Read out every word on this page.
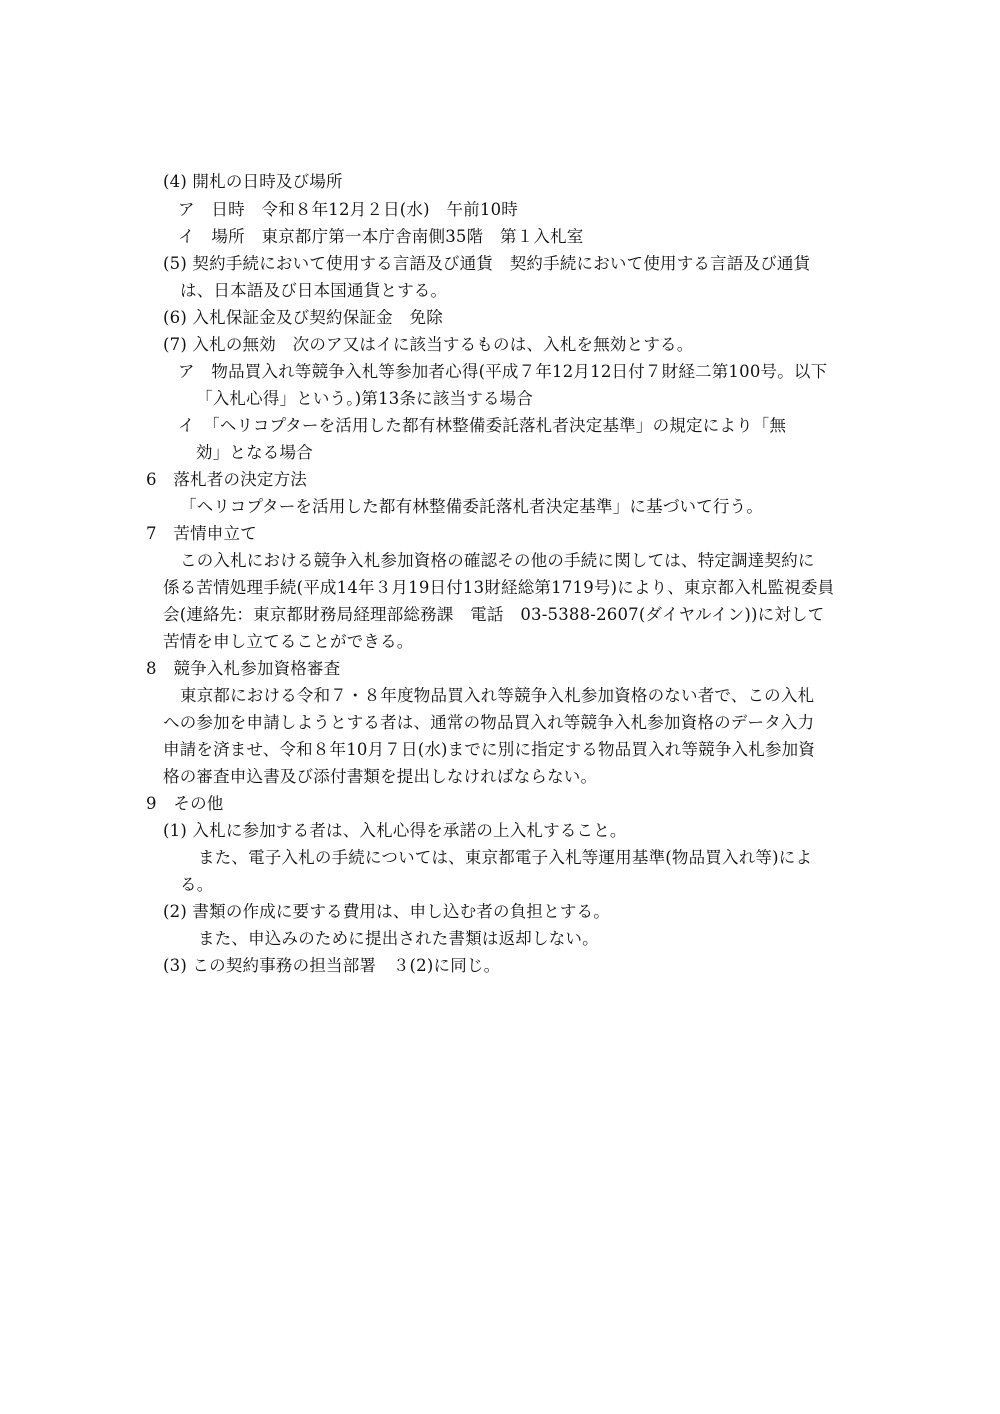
(4) 開札の日時及び場所
ア　日時　令和８年12月２日(水)　午前10時
イ　場所　東京都庁第一本庁舎南側35階　第１入札室
(5) 契約手続において使用する言語及び通貨　契約手続において使用する言語及び通貨
は、日本語及び日本国通貨とする。
(6) 入札保証金及び契約保証金　免除
(7) 入札の無効　次のア又はイに該当するものは、入札を無効とする。
ア　物品買入れ等競争入札等参加者心得(平成７年12月12日付７財経二第100号。以下
「入札心得」という。)第13条に該当する場合
イ　「ヘリコプターを活用した都有林整備委託落札者決定基準」の規定により「無
効」となる場合
6　落札者の決定方法
「ヘリコプターを活用した都有林整備委託落札者決定基準」に基づいて行う。
7　苦情申立て
この入札における競争入札参加資格の確認その他の手続に関しては、特定調達契約に
係る苦情処理手続(平成14年３月19日付13財経総第1719号)により、東京都入札監視委員
会(連絡先：東京都財務局経理部総務課　電話　03-5388-2607(ダイヤルイン))に対して
苦情を申し立てることができる。
8　競争入札参加資格審査
東京都における令和７・８年度物品買入れ等競争入札参加資格のない者で、この入札
への参加を申請しようとする者は、通常の物品買入れ等競争入札参加資格のデータ入力
申請を済ませ、令和８年10月７日(水)までに別に指定する物品買入れ等競争入札参加資
格の審査申込書及び添付書類を提出しなければならない。
9　その他
(1) 入札に参加する者は、入札心得を承諾の上入札すること。
また、電子入札の手続については、東京都電子入札等運用基準(物品買入れ等)によ
る。
(2) 書類の作成に要する費用は、申し込む者の負担とする。
また、申込みのために提出された書類は返却しない。
(3) この契約事務の担当部署　３(2)に同じ。
